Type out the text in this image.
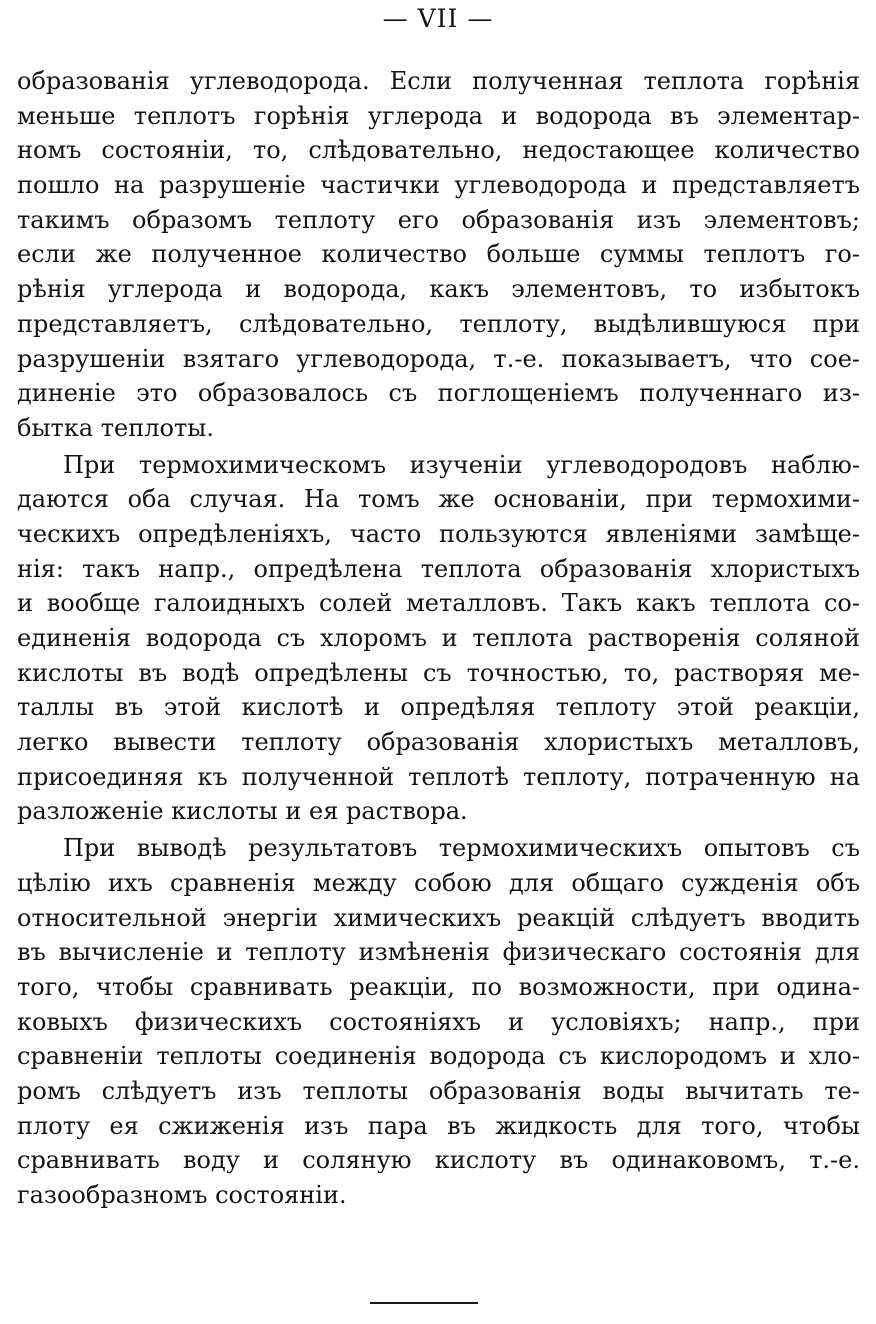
— VII —
образованія углеводорода. Если полученная теплота горѣнія
меньше теплотъ горѣнія углерода и водорода въ элементар-
номъ состояніи, то, слѣдовательно, недостающее количество
пошло на разрушеніе частички углеводорода и представляетъ
такимъ образомъ теплоту его образованія изъ элементовъ;
если же полученное количество больше суммы теплотъ го-
рѣнія углерода и водорода, какъ элементовъ, то избытокъ
представляетъ, слѣдовательно, теплоту, выдѣлившуюся при
разрушеніи взятаго углеводорода, т.-е. показываетъ, что сое-
диненіе это образовалось съ поглощеніемъ полученнаго из-
бытка теплоты.
При термохимическомъ изученіи углеводородовъ наблю-
даются оба случая. На томъ же основаніи, при термохими-
ческихъ опредѣленіяхъ, часто пользуются явленіями замѣще-
нія: такъ напр., опредѣлена теплота образованія хлористыхъ
и вообще галоидныхъ солей металловъ. Такъ какъ теплота со-
единенія водорода съ хлоромъ и теплота растворенія соляной
кислоты въ водѣ опредѣлены съ точностью, то, растворяя ме-
таллы въ этой кислотѣ и опредѣляя теплоту этой реакціи,
легко вывести теплоту образованія хлористыхъ металловъ,
присоединяя къ полученной теплотѣ теплоту, потраченную на
разложеніе кислоты и ея раствора.
При выводѣ результатовъ термохимическихъ опытовъ съ
цѣлію ихъ сравненія между собою для общаго сужденія объ
относительной энергіи химическихъ реакцій слѣдуетъ вводить
въ вычисленіе и теплоту измѣненія физическаго состоянія для
того, чтобы сравнивать реакціи, по возможности, при одина-
ковыхъ физическихъ состояніяхъ и условіяхъ; напр., при
сравненіи теплоты соединенія водорода съ кислородомъ и хло-
ромъ слѣдуетъ изъ теплоты образованія воды вычитать те-
плоту ея сжиженія изъ пара въ жидкость для того, чтобы
сравнивать воду и соляную кислоту въ одинаковомъ, т.-е.
газообразномъ состояніи.
